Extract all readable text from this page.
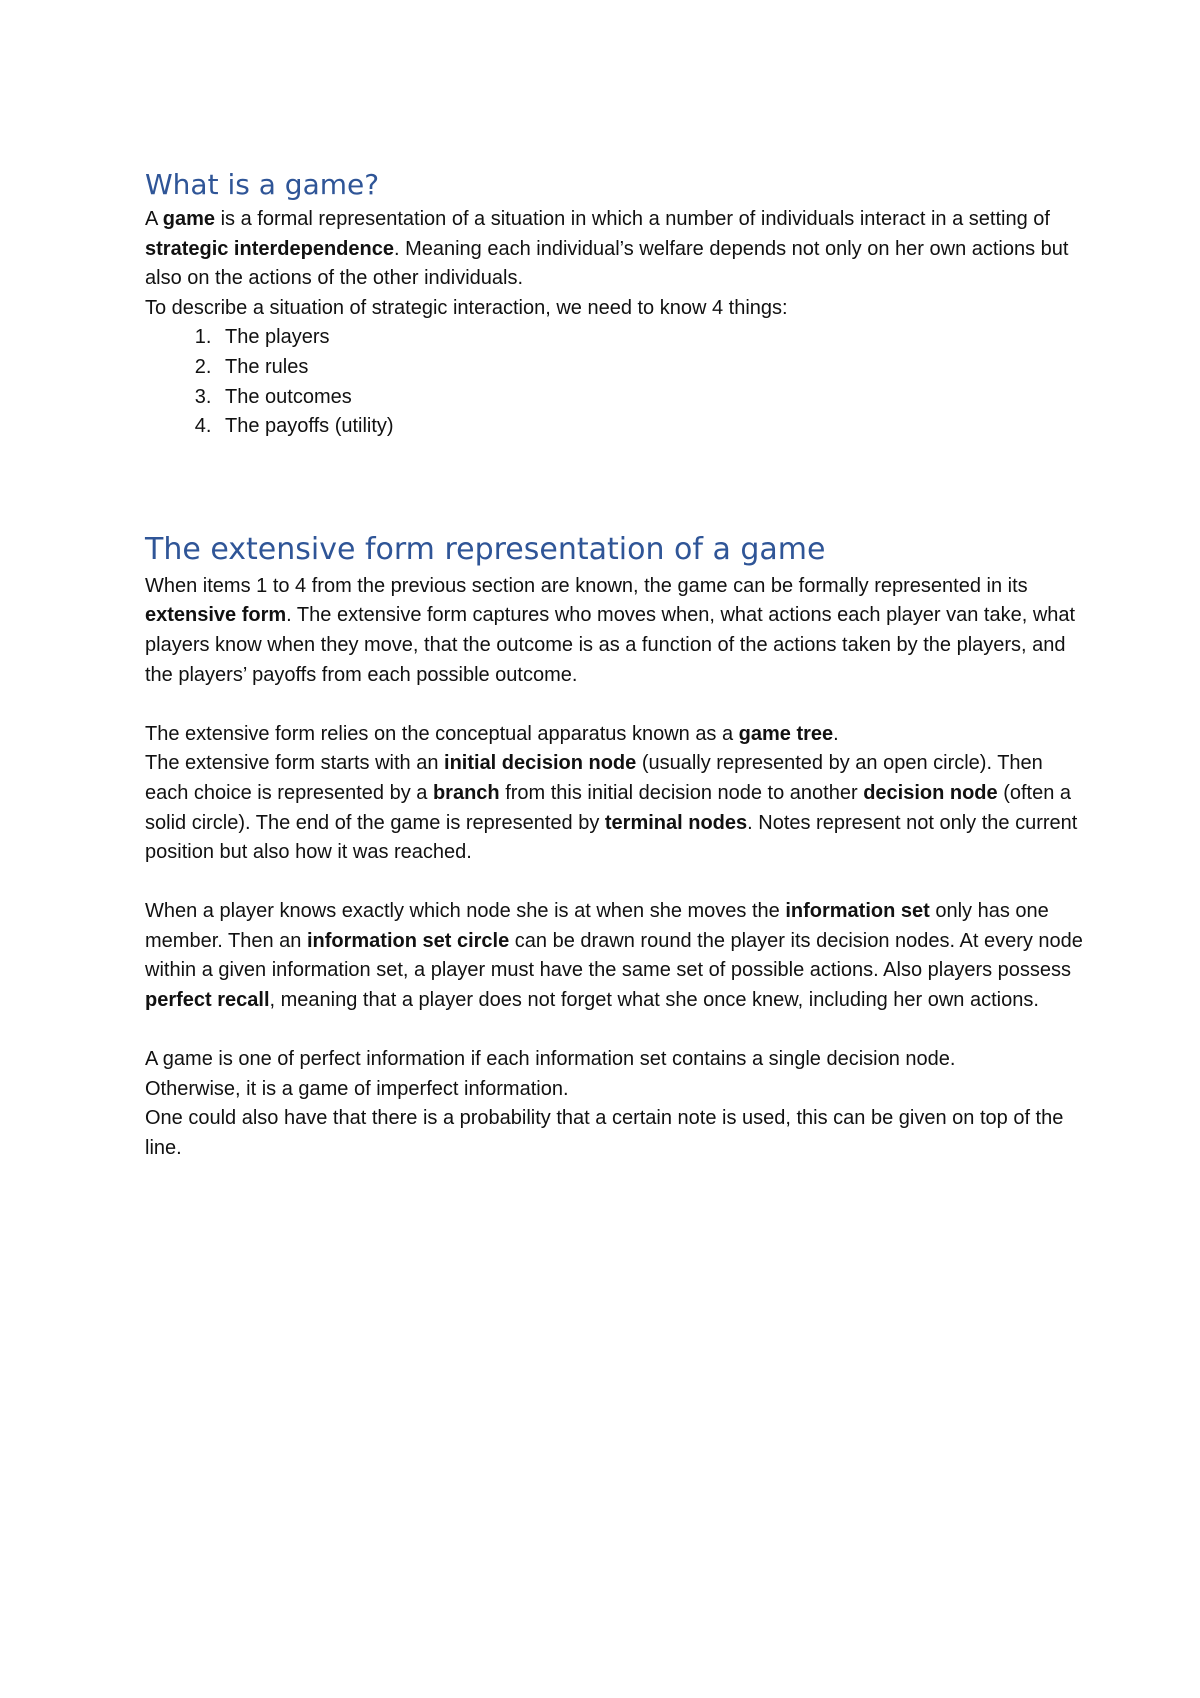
What is a game?

A game is a formal representation of a situation in which a number of individuals interact in a setting of strategic interdependence. Meaning each individual’s welfare depends not only on her own actions but also on the actions of the other individuals.

To describe a situation of strategic interaction, we need to know 4 things:

1. The players
2. The rules
3. The outcomes
4. The payoffs (utility)
The extensive form representation of a game

When items 1 to 4 from the previous section are known, the game can be formally represented in its extensive form. The extensive form captures who moves when, what actions each player van take, what players know when they move, that the outcome is as a function of the actions taken by the players, and the players’ payoffs from each possible outcome.

The extensive form relies on the conceptual apparatus known as a game tree.

The extensive form starts with an initial decision node (usually represented by an open circle). Then each choice is represented by a branch from this initial decision node to another decision node (often a solid circle). The end of the game is represented by terminal nodes. Notes represent not only the current position but also how it was reached.

When a player knows exactly which node she is at when she moves the information set only has one member. Then an information set circle can be drawn round the player its decision nodes. At every node within a given information set, a player must have the same set of possible actions. Also players possess perfect recall, meaning that a player does not forget what she once knew, including her own actions.

A game is one of perfect information if each information set contains a single decision node.

Otherwise, it is a game of imperfect information.

One could also have that there is a probability that a certain note is used, this can be given on top of the line.
